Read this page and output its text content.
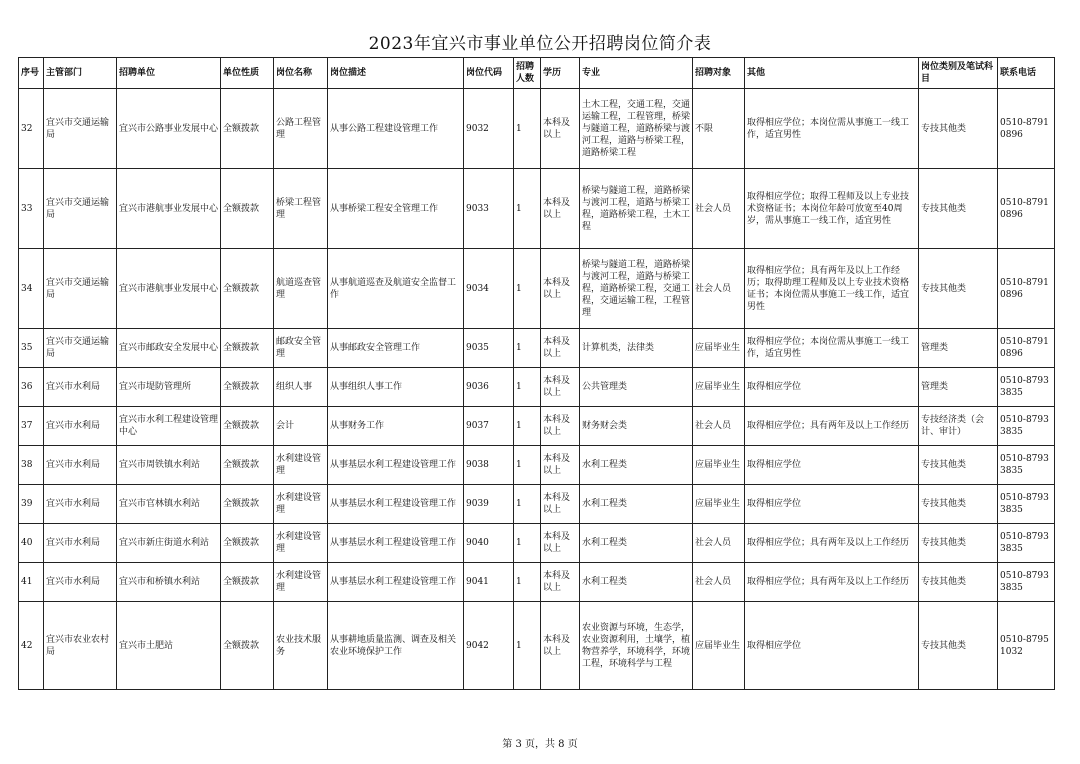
2023年宜兴市事业单位公开招聘岗位简介表
序号	主管部门	招聘单位	单位性质	岗位名称	岗位描述	岗位代码	招聘人数	学历	专业	招聘对象	其他	岗位类别及笔试科目	联系电话
32	宜兴市交通运输局	宜兴市公路事业发展中心	全额拨款	公路工程管理	从事公路工程建设管理工作	9032	1	本科及以上	土木工程，交通工程，交通运输工程，工程管理，桥梁与隧道工程，道路桥梁与渡河工程，道路与桥梁工程，道路桥梁工程	不限	取得相应学位；本岗位需从事施工一线工作，适宜男性	专技其他类	0510-87910896
33	宜兴市交通运输局	宜兴市港航事业发展中心	全额拨款	桥梁工程管理	从事桥梁工程安全管理工作	9033	1	本科及以上	桥梁与隧道工程，道路桥梁与渡河工程，道路与桥梁工程，道路桥梁工程，土木工程	社会人员	取得相应学位；取得工程师及以上专业技术资格证书；本岗位年龄可放宽至40周岁，需从事施工一线工作，适宜男性	专技其他类	0510-87910896
34	宜兴市交通运输局	宜兴市港航事业发展中心	全额拨款	航道巡查管理	从事航道巡查及航道安全监督工作	9034	1	本科及以上	桥梁与隧道工程，道路桥梁与渡河工程，道路与桥梁工程，道路桥梁工程，交通工程，交通运输工程，工程管理	社会人员	取得相应学位；具有两年及以上工作经历；取得助理工程师及以上专业技术资格证书；本岗位需从事施工一线工作，适宜男性	专技其他类	0510-87910896
35	宜兴市交通运输局	宜兴市邮政安全发展中心	全额拨款	邮政安全管理	从事邮政安全管理工作	9035	1	本科及以上	计算机类，法律类	应届毕业生	取得相应学位；本岗位需从事施工一线工作，适宜男性	管理类	0510-87910896
36	宜兴市水利局	宜兴市堤防管理所	全额拨款	组织人事	从事组织人事工作	9036	1	本科及以上	公共管理类	应届毕业生	取得相应学位	管理类	0510-87933835
37	宜兴市水利局	宜兴市水利工程建设管理中心	全额拨款	会计	从事财务工作	9037	1	本科及以上	财务财会类	社会人员	取得相应学位；具有两年及以上工作经历	专技经济类（会计、审计）	0510-87933835
38	宜兴市水利局	宜兴市周铁镇水利站	全额拨款	水利建设管理	从事基层水利工程建设管理工作	9038	1	本科及以上	水利工程类	应届毕业生	取得相应学位	专技其他类	0510-87933835
39	宜兴市水利局	宜兴市官林镇水利站	全额拨款	水利建设管理	从事基层水利工程建设管理工作	9039	1	本科及以上	水利工程类	应届毕业生	取得相应学位	专技其他类	0510-87933835
40	宜兴市水利局	宜兴市新庄街道水利站	全额拨款	水利建设管理	从事基层水利工程建设管理工作	9040	1	本科及以上	水利工程类	社会人员	取得相应学位；具有两年及以上工作经历	专技其他类	0510-87933835
41	宜兴市水利局	宜兴市和桥镇水利站	全额拨款	水利建设管理	从事基层水利工程建设管理工作	9041	1	本科及以上	水利工程类	社会人员	取得相应学位；具有两年及以上工作经历	专技其他类	0510-87933835
42	宜兴市农业农村局	宜兴市土肥站	全额拨款	农业技术服务	从事耕地质量监测、调查及相关农业环境保护工作	9042	1	本科及以上	农业资源与环境，生态学，农业资源利用，土壤学，植物营养学，环境科学，环境工程，环境科学与工程	应届毕业生	取得相应学位	专技其他类	0510-87951032
第 3 页，共 8 页
